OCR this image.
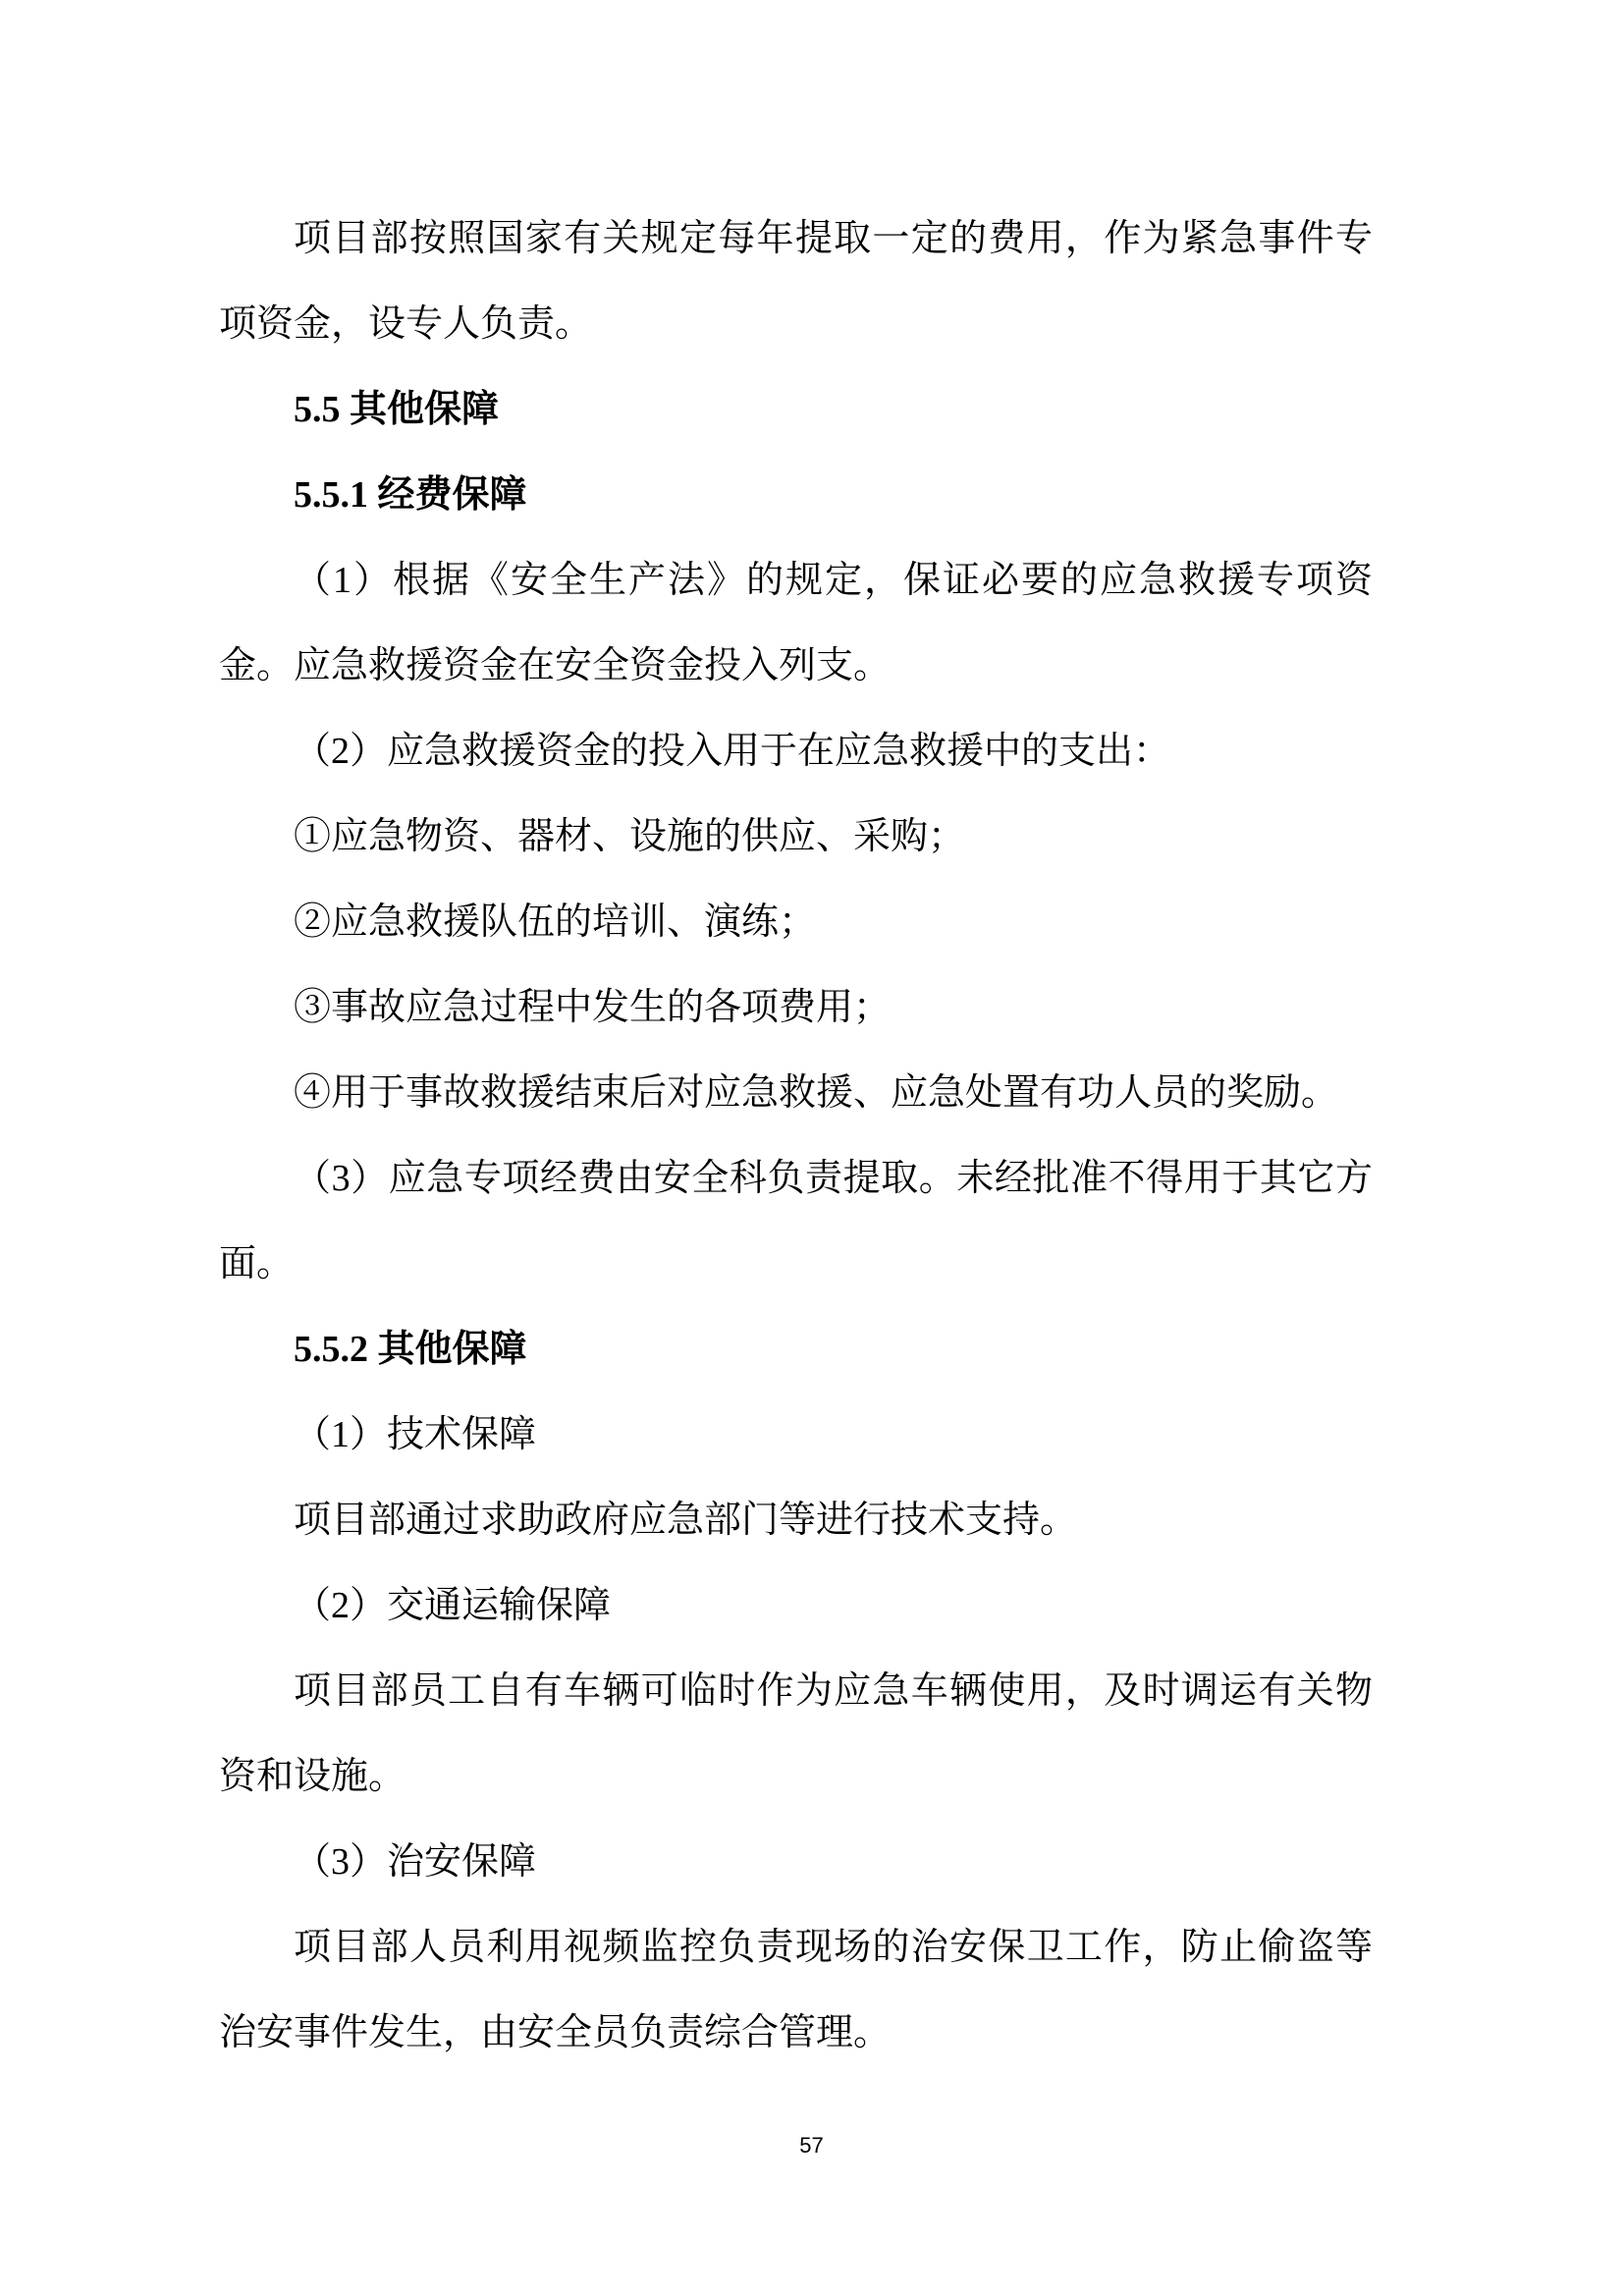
项目部按照国家有关规定每年提取一定的费用，作为紧急事件专项资金，设专人负责。

5.5 其他保障

5.5.1 经费保障

（1）根据《安全生产法》的规定，保证必要的应急救援专项资金。应急救援资金在安全资金投入列支。

（2）应急救援资金的投入用于在应急救援中的支出：

①应急物资、器材、设施的供应、采购；

②应急救援队伍的培训、演练；

③事故应急过程中发生的各项费用；

④用于事故救援结束后对应急救援、应急处置有功人员的奖励。

（3）应急专项经费由安全科负责提取。未经批准不得用于其它方面。

5.5.2 其他保障

（1）技术保障

项目部通过求助政府应急部门等进行技术支持。

（2）交通运输保障

项目部员工自有车辆可临时作为应急车辆使用，及时调运有关物资和设施。

（3）治安保障

项目部人员利用视频监控负责现场的治安保卫工作，防止偷盗等治安事件发生，由安全员负责综合管理。

57
